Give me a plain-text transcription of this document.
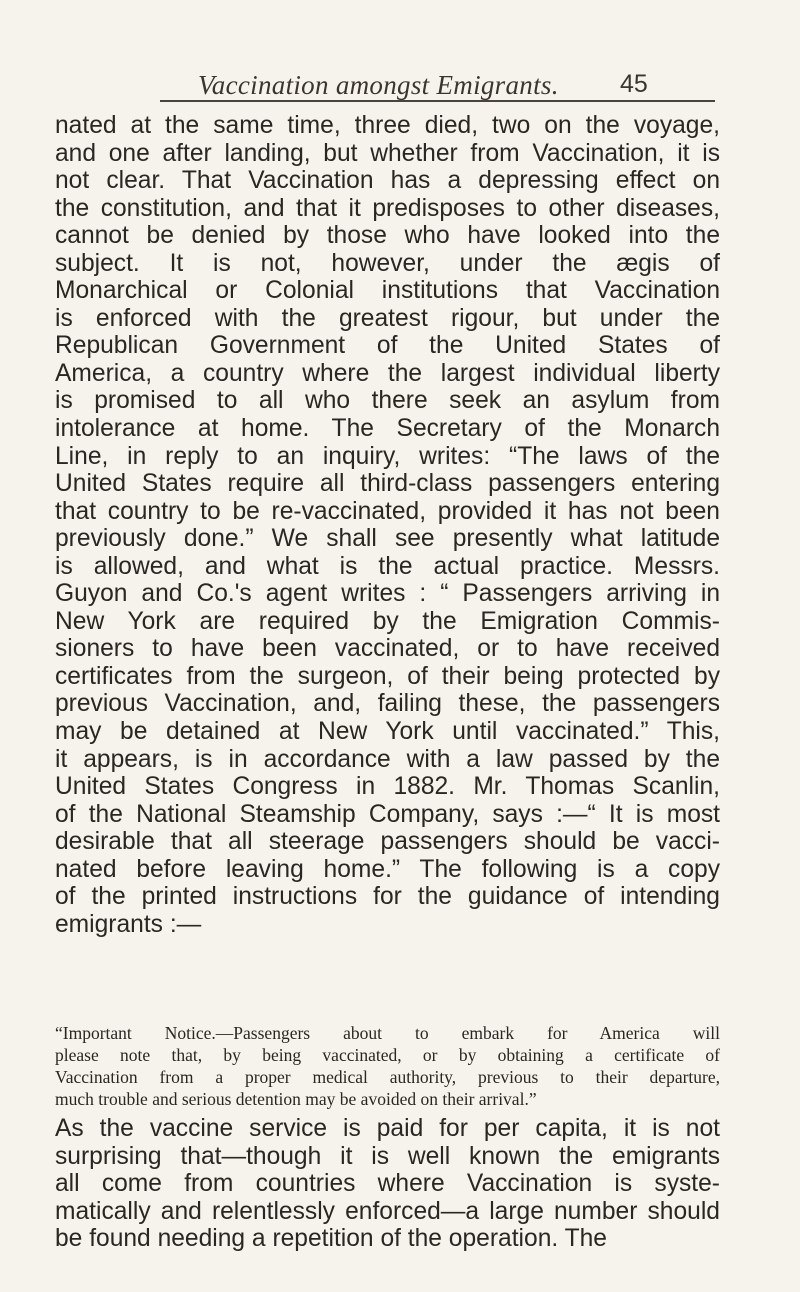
Vaccination amongst Emigrants. 45
nated at the same time, three died, two on the voyage,
and one after landing, but whether from Vaccination, it is
not clear. That Vaccination has a depressing effect on
the constitution, and that it predisposes to other diseases,
cannot be denied by those who have looked into the
subject. It is not, however, under the ægis of
Monarchical or Colonial institutions that Vaccination
is enforced with the greatest rigour, but under the
Republican Government of the United States of
America, a country where the largest individual liberty
is promised to all who there seek an asylum from
intolerance at home. The Secretary of the Monarch
Line, in reply to an inquiry, writes: “The laws of the
United States require all third-class passengers entering
that country to be re-vaccinated, provided it has not been
previously done.” We shall see presently what latitude
is allowed, and what is the actual practice. Messrs.
Guyon and Co.'s agent writes : “ Passengers arriving in
New York are required by the Emigration Commis-
sioners to have been vaccinated, or to have received
certificates from the surgeon, of their being protected by
previous Vaccination, and, failing these, the passengers
may be detained at New York until vaccinated.” This,
it appears, is in accordance with a law passed by the
United States Congress in 1882. Mr. Thomas Scanlin,
of the National Steamship Company, says :—“ It is most
desirable that all steerage passengers should be vacci-
nated before leaving home.” The following is a copy
of the printed instructions for the guidance of intending
emigrants :—
“Important Notice.—Passengers about to embark for America will
please note that, by being vaccinated, or by obtaining a certificate of
Vaccination from a proper medical authority, previous to their departure,
much trouble and serious detention may be avoided on their arrival.”
As the vaccine service is paid for per capita, it is not
surprising that—though it is well known the emigrants
all come from countries where Vaccination is syste-
matically and relentlessly enforced—a large number should
be found needing a repetition of the operation. The
